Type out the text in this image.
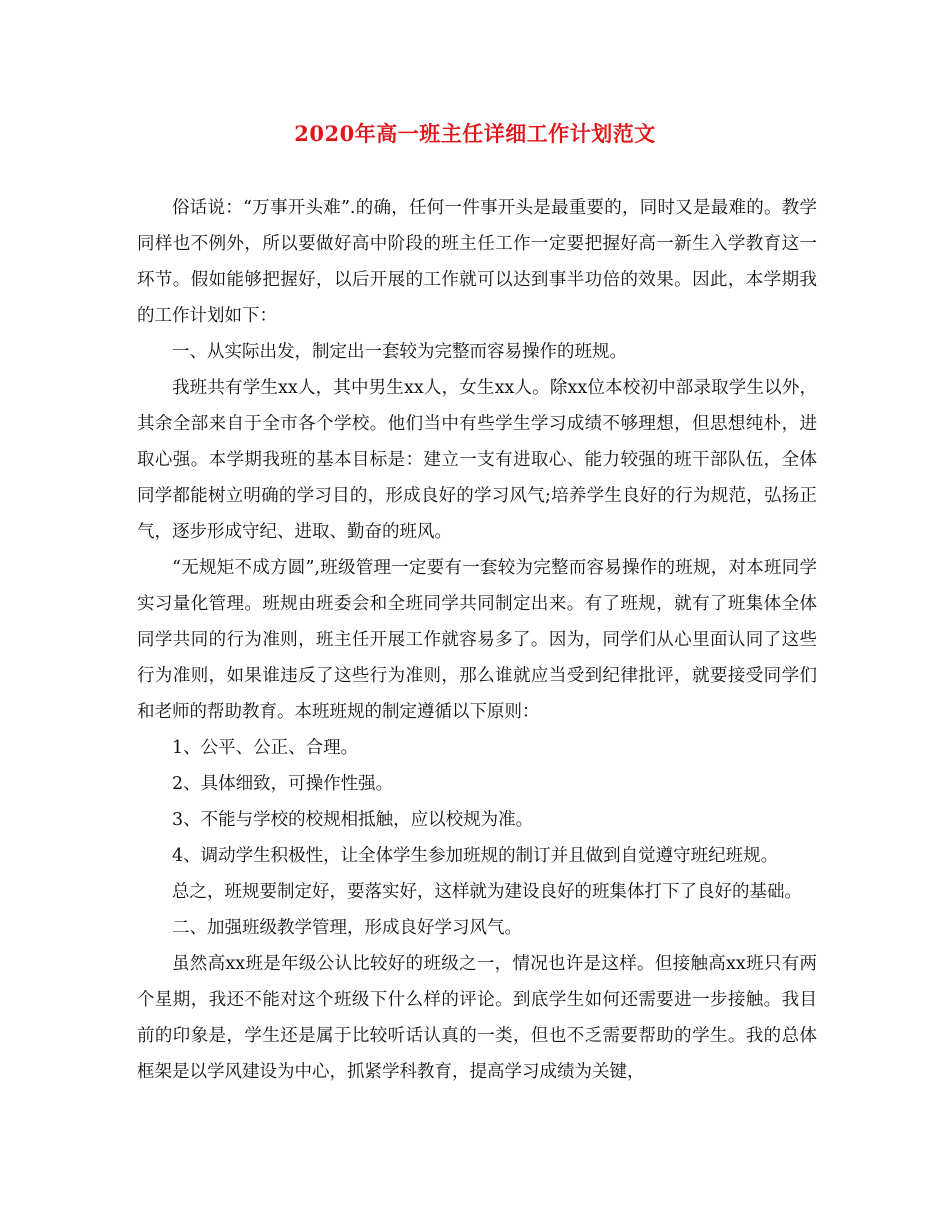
2020年高一班主任详细工作计划范文

俗话说：“万事开头难”.的确，任何一件事开头是最重要的，同时又是最难的。教学同样也不例外，所以要做好高中阶段的班主任工作一定要把握好高一新生入学教育这一环节。假如能够把握好，以后开展的工作就可以达到事半功倍的效果。因此，本学期我的工作计划如下：

一、从实际出发，制定出一套较为完整而容易操作的班规。

我班共有学生xx人，其中男生xx人，女生xx人。除xx位本校初中部录取学生以外，其余全部来自于全市各个学校。他们当中有些学生学习成绩不够理想，但思想纯朴，进取心强。本学期我班的基本目标是：建立一支有进取心、能力较强的班干部队伍，全体同学都能树立明确的学习目的，形成良好的学习风气;培养学生良好的行为规范，弘扬正气，逐步形成守纪、进取、勤奋的班风。

“无规矩不成方圆”,班级管理一定要有一套较为完整而容易操作的班规，对本班同学实习量化管理。班规由班委会和全班同学共同制定出来。有了班规，就有了班集体全体同学共同的行为准则，班主任开展工作就容易多了。因为，同学们从心里面认同了这些行为准则，如果谁违反了这些行为准则，那么谁就应当受到纪律批评，就要接受同学们和老师的帮助教育。本班班规的制定遵循以下原则：

1、公平、公正、合理。

2、具体细致，可操作性强。

3、不能与学校的校规相抵触，应以校规为准。

4、调动学生积极性，让全体学生参加班规的制订并且做到自觉遵守班纪班规。

总之，班规要制定好，要落实好，这样就为建设良好的班集体打下了良好的基础。

二、加强班级教学管理，形成良好学习风气。

虽然高xx班是年级公认比较好的班级之一，情况也许是这样。但接触高xx班只有两个星期，我还不能对这个班级下什么样的评论。到底学生如何还需要进一步接触。我目前的印象是，学生还是属于比较听话认真的一类，但也不乏需要帮助的学生。我的总体框架是以学风建设为中心，抓紧学科教育，提高学习成绩为关键，
